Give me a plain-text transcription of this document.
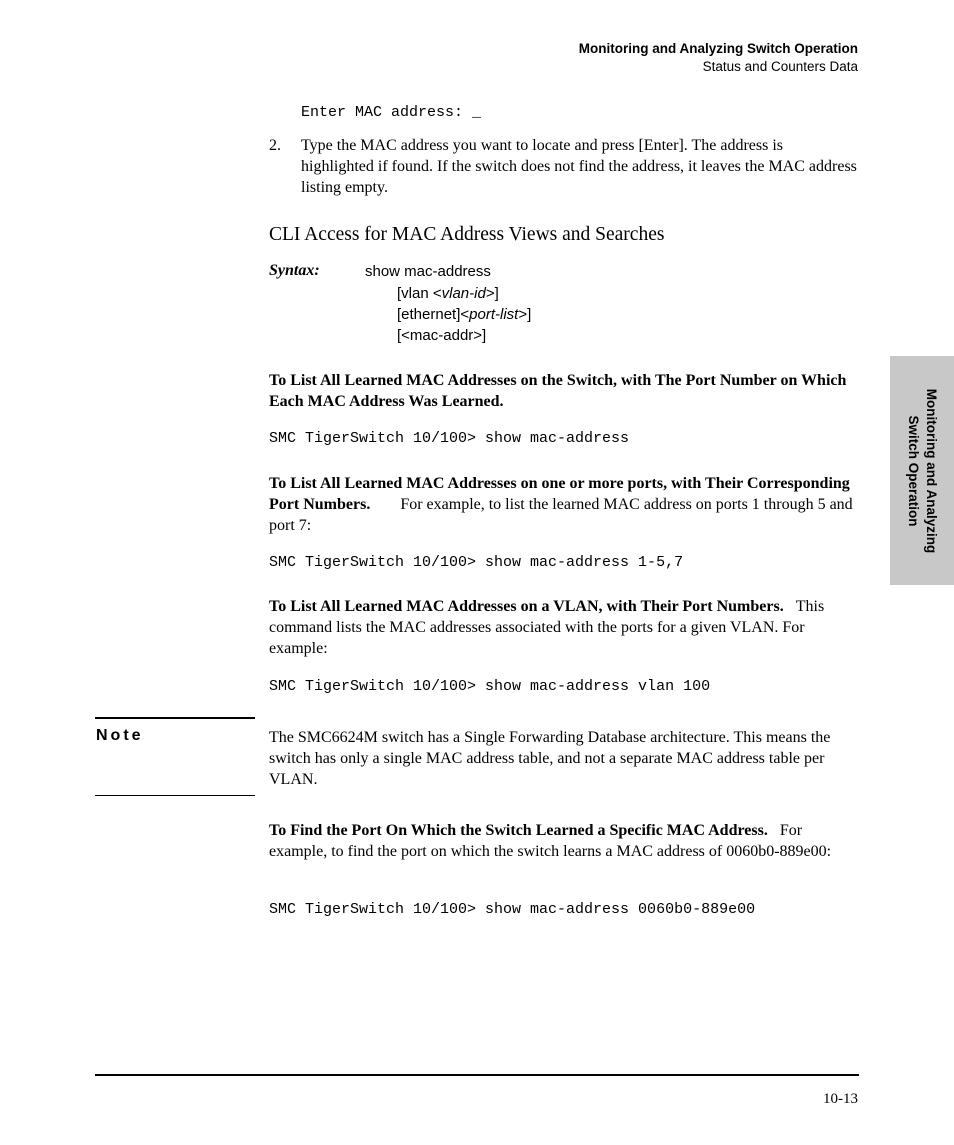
Monitoring and Analyzing Switch Operation
Status and Counters Data
Monitoring and Analyzing
Switch Operation
Enter MAC address: _
2. Type the MAC address you want to locate and press [Enter]. The address is highlighted if found. If the switch does not find the address, it leaves the MAC address listing empty.
CLI Access for MAC Address Views and Searches
Syntax:	show mac-address
[vlan <vlan-id>]
[ethernet]<port-list>]
[<mac-addr>]
To List All Learned MAC Addresses on the Switch, with The Port Number on Which Each MAC Address Was Learned.
SMC TigerSwitch 10/100> show mac-address
To List All Learned MAC Addresses on one or more ports, with Their Corresponding Port Numbers. For example, to list the learned MAC address on ports 1 through 5 and port 7:
SMC TigerSwitch 10/100> show mac-address 1-5,7
To List All Learned MAC Addresses on a VLAN, with Their Port Numbers. This command lists the MAC addresses associated with the ports for a given VLAN. For example:
SMC TigerSwitch 10/100> show mac-address vlan 100
Note	The SMC6624M switch has a Single Forwarding Database architecture. This means the switch has only a single MAC address table, and not a separate MAC address table per VLAN.
To Find the Port On Which the Switch Learned a Specific MAC Address. For example, to find the port on which the switch learns a MAC address of 0060b0-889e00:
SMC TigerSwitch 10/100> show mac-address 0060b0-889e00
10-13
